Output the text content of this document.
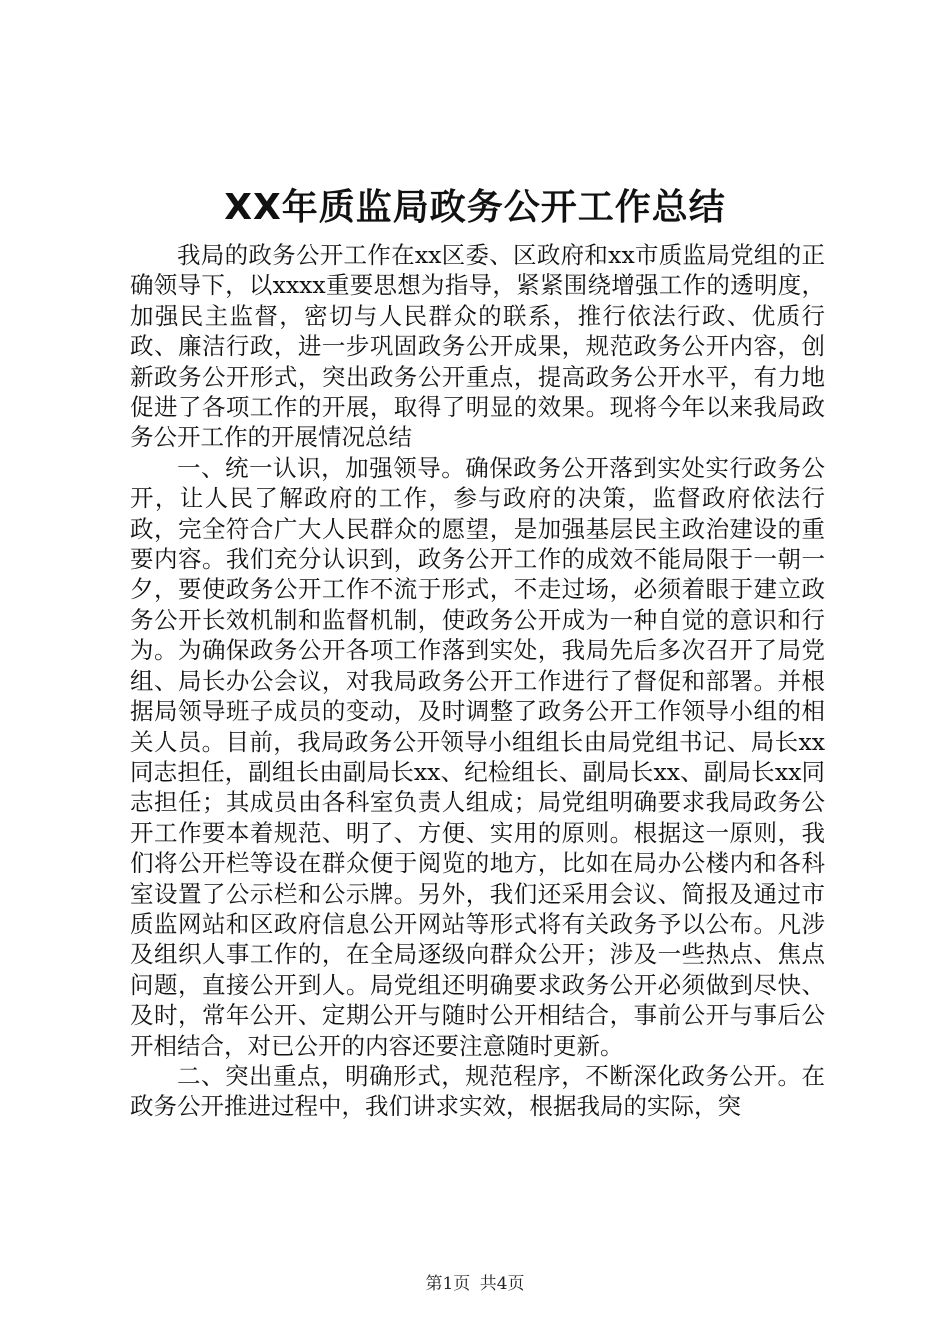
XX年质监局政务公开工作总结

我局的政务公开工作在xx区委、区政府和xx市质监局党组的正确领导下，以xxxx重要思想为指导，紧紧围绕增强工作的透明度，加强民主监督，密切与人民群众的联系，推行依法行政、优质行政、廉洁行政，进一步巩固政务公开成果，规范政务公开内容，创新政务公开形式，突出政务公开重点，提高政务公开水平，有力地促进了各项工作的开展，取得了明显的效果。现将今年以来我局政务公开工作的开展情况总结

一、统一认识，加强领导。确保政务公开落到实处实行政务公开，让人民了解政府的工作，参与政府的决策，监督政府依法行政，完全符合广大人民群众的愿望，是加强基层民主政治建设的重要内容。我们充分认识到，政务公开工作的成效不能局限于一朝一夕，要使政务公开工作不流于形式，不走过场，必须着眼于建立政务公开长效机制和监督机制，使政务公开成为一种自觉的意识和行为。为确保政务公开各项工作落到实处，我局先后多次召开了局党组、局长办公会议，对我局政务公开工作进行了督促和部署。并根据局领导班子成员的变动，及时调整了政务公开工作领导小组的相关人员。目前，我局政务公开领导小组组长由局党组书记、局长xx同志担任，副组长由副局长xx、纪检组长、副局长xx、副局长xx同志担任；其成员由各科室负责人组成；局党组明确要求我局政务公开工作要本着规范、明了、方便、实用的原则。根据这一原则，我们将公开栏等设在群众便于阅览的地方，比如在局办公楼内和各科室设置了公示栏和公示牌。另外，我们还采用会议、简报及通过市质监网站和区政府信息公开网站等形式将有关政务予以公布。凡涉及组织人事工作的，在全局逐级向群众公开；涉及一些热点、焦点问题，直接公开到人。局党组还明确要求政务公开必须做到尽快、及时，常年公开、定期公开与随时公开相结合，事前公开与事后公开相结合，对已公开的内容还要注意随时更新。

二、突出重点，明确形式，规范程序，不断深化政务公开。在政务公开推进过程中，我们讲求实效，根据我局的实际，突

第1页 共4页
